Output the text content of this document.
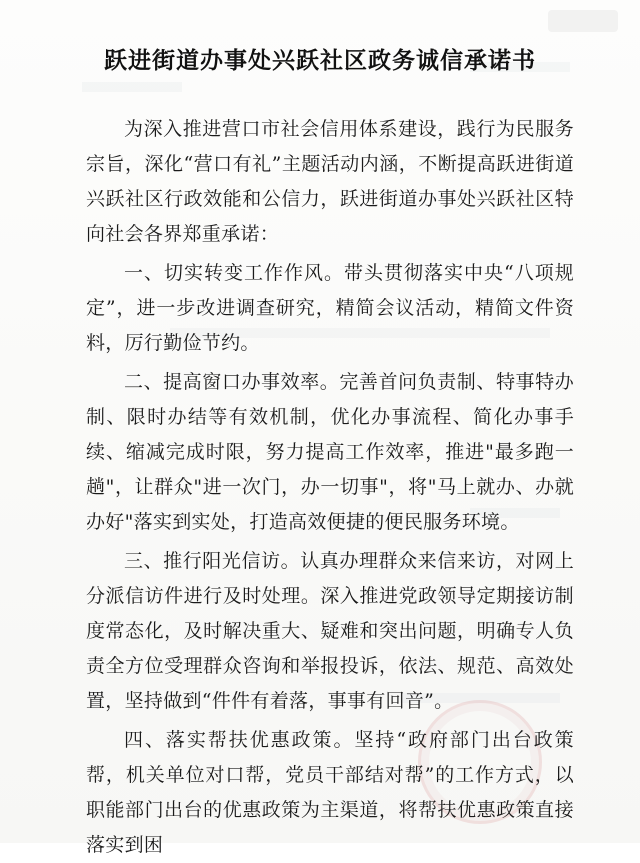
跃进街道办事处兴跃社区政务诚信承诺书

为深入推进营口市社会信用体系建设，践行为民服务宗旨，深化“营口有礼”主题活动内涵，不断提高跃进街道兴跃社区行政效能和公信力，跃进街道办事处兴跃社区特向社会各界郑重承诺：

一、切实转变工作作风。带头贯彻落实中央“八项规定”，进一步改进调查研究，精简会议活动，精简文件资料，厉行勤俭节约。

二、提高窗口办事效率。完善首问负责制、特事特办制、限时办结等有效机制，优化办事流程、简化办事手续、缩减完成时限，努力提高工作效率，推进"最多跑一趟"，让群众"进一次门，办一切事"，将"马上就办、办就办好"落实到实处，打造高效便捷的便民服务环境。

三、推行阳光信访。认真办理群众来信来访，对网上分派信访件进行及时处理。深入推进党政领导定期接访制度常态化，及时解决重大、疑难和突出问题，明确专人负责全方位受理群众咨询和举报投诉，依法、规范、高效处置，坚持做到“件件有着落，事事有回音”。

四、落实帮扶优惠政策。坚持“政府部门出台政策帮，机关单位对口帮，党员干部结对帮”的工作方式，以职能部门出台的优惠政策为主渠道，将帮扶优惠政策直接落实到困
